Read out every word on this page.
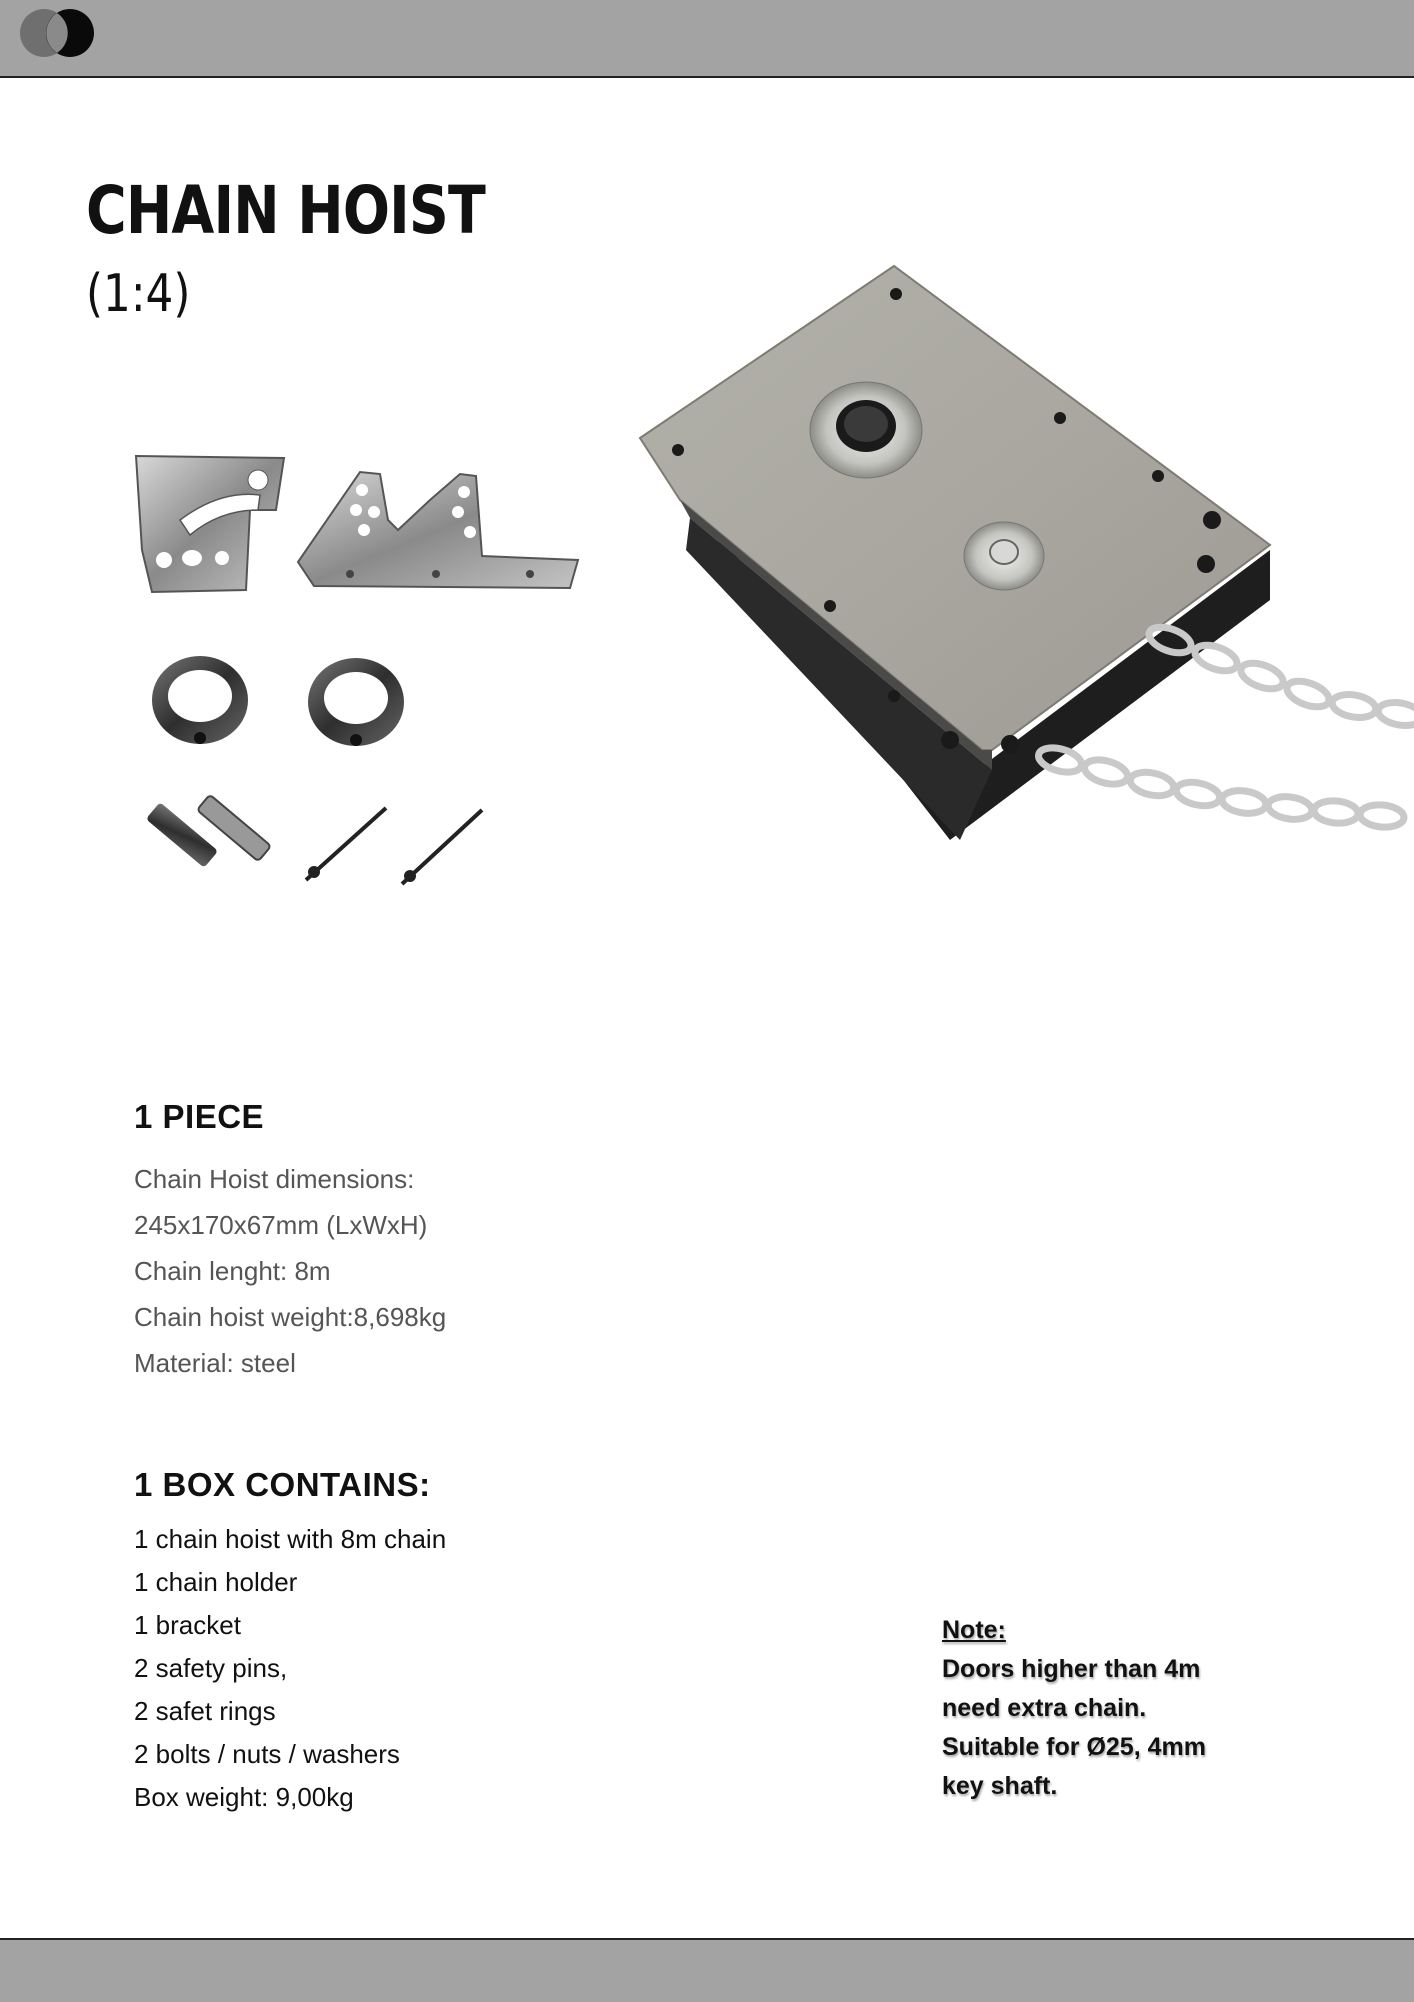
CHAIN HOIST
(1:4)
1 PIECE
Chain Hoist dimensions:
245x170x67mm (LxWxH)
Chain lenght: 8m
Chain hoist weight:8,698kg
Material: steel
1 BOX CONTAINS:
1 chain hoist with 8m chain
1 chain holder
1 bracket
2 safety pins,
2 safet rings
2 bolts / nuts / washers
Box weight: 9,00kg

Note:

Doors higher than 4m
need extra chain.
Suitable for Ø25, 4mm
key shaft.
